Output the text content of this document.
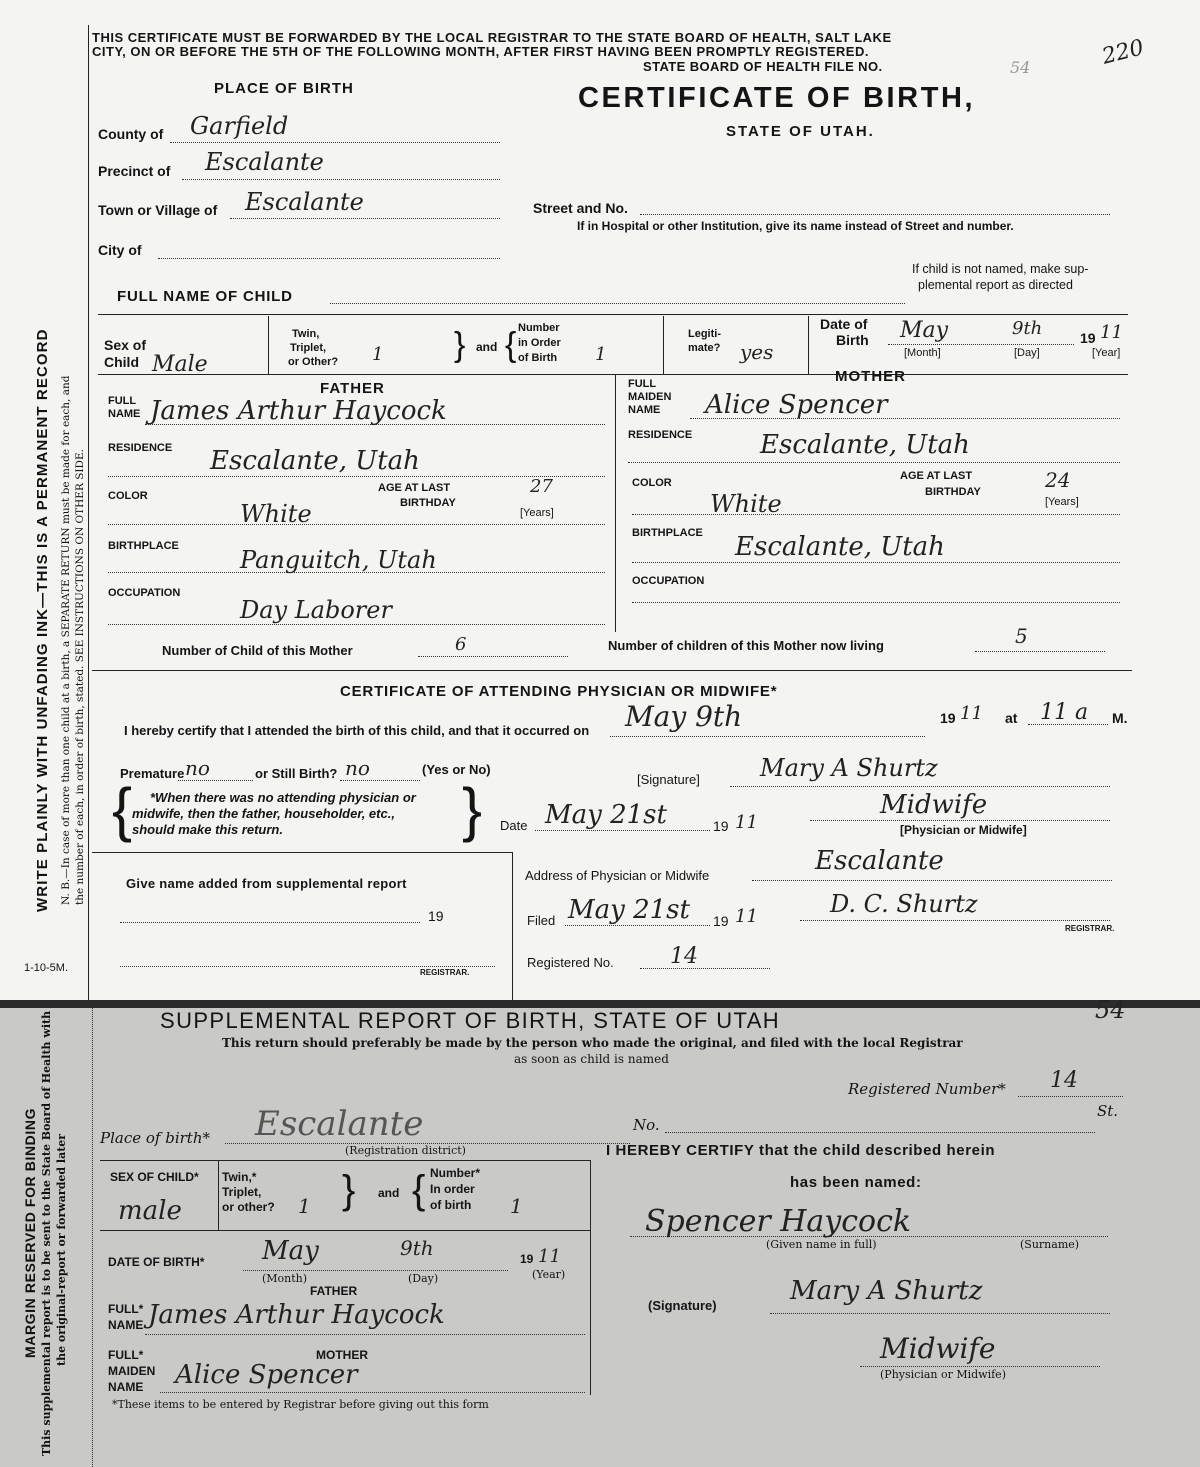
WRITE PLAINLY WITH UNFADING INK—THIS IS A PERMANENT RECORD N. B.—In case of more than one child at a birth, a SEPARATE RETURN must be made for each, and the number of each, in order of birth, stated. SEE INSTRUCTIONS ON OTHER SIDE.
1-10-5M.
THIS CERTIFICATE MUST BE FORWARDED BY THE LOCAL REGISTRAR TO THE STATE BOARD OF HEALTH, SALT LAKE
CITY, ON OR BEFORE THE 5TH OF THE FOLLOWING MONTH, AFTER FIRST HAVING BEEN PROMPTLY REGISTERED.
STATE BOARD OF HEALTH FILE NO.	54	220
PLACE OF BIRTH	CERTIFICATE OF BIRTH,
STATE OF UTAH.
County of Garfield
Precinct of Escalante
Town or Village of Escalante
City of
Street and No.
If in Hospital or other Institution, give its name instead of Street and number.
FULL NAME OF CHILD
If child is not named, make sup-
plemental report as directed
Sex of
Child Male
Twin,
Triplet,
or Other? 1 } and { Number
in Order
of Birth 1
Legiti-
mate? yes
Date of
Birth May	9th	19 11
[Month]	[Day]	[Year]
FATHER
FULL
NAME James Arthur Haycock
RESIDENCE Escalante, Utah
COLOR
White
AGE AT LAST
BIRTHDAY
27
[Years]
BIRTHPLACE	Panguitch, Utah
OCCUPATION
Day Laborer
MOTHER
FULL
MAIDEN
NAME Alice Spencer
RESIDENCE	Escalante, Utah
COLOR
White
AGE AT LAST
BIRTHDAY	24
[Years]
BIRTHPLACE Escalante, Utah
OCCUPATION
Number of Child of this Mother	6	Number of children of this Mother now living	5
CERTIFICATE OF ATTENDING PHYSICIAN OR MIDWIFE*
I hereby certify that I attended the birth of this child, and that it occurred on May 9th	19 11 at 11 a M.
Premature no	or Still Birth? no	(Yes or No)
[Signature]	Mary A Shurtz
{ *When there was no attending physician or
midwife, then the father, householder, etc.,
should make this return.	} Date May 21st	19 11
Midwife
[Physician or Midwife]
Give name added from supplemental report
19
REGISTRAR.
Address of Physician or Midwife	Escalante
Filed May 21st 19 11	D. C. Shurtz
REGISTRAR.
Registered No.	14
MARGIN RESERVED FOR BINDING This supplemental report is to be sent to the State Board of Health with the original-report or forwarded later
SUPPLEMENTAL REPORT OF BIRTH, STATE OF UTAH	54
This return should preferably be made by the person who made the original, and filed with the local Registrar
as soon as child is named
Registered Number* 14
Place of birth* Escalante
(Registration district)
No.
St.
SEX OF CHILD*
male
Twin,*
Triplet,
or other? 1 } and { Number*
In order
of birth 1
DATE OF BIRTH* May	9th	19 11
(Month)	(Day)	(Year)
FATHER
FULL*
NAME James Arthur Haycock
MOTHER
FULL*
MAIDEN
NAME Alice Spencer
*These items to be entered by Registrar before giving out this form
I HEREBY CERTIFY that the child described herein
has been named:
Spencer Haycock
(Given name in full)	(Surname)
(Signature)	Mary A Shurtz
Midwife
(Physician or Midwife)
